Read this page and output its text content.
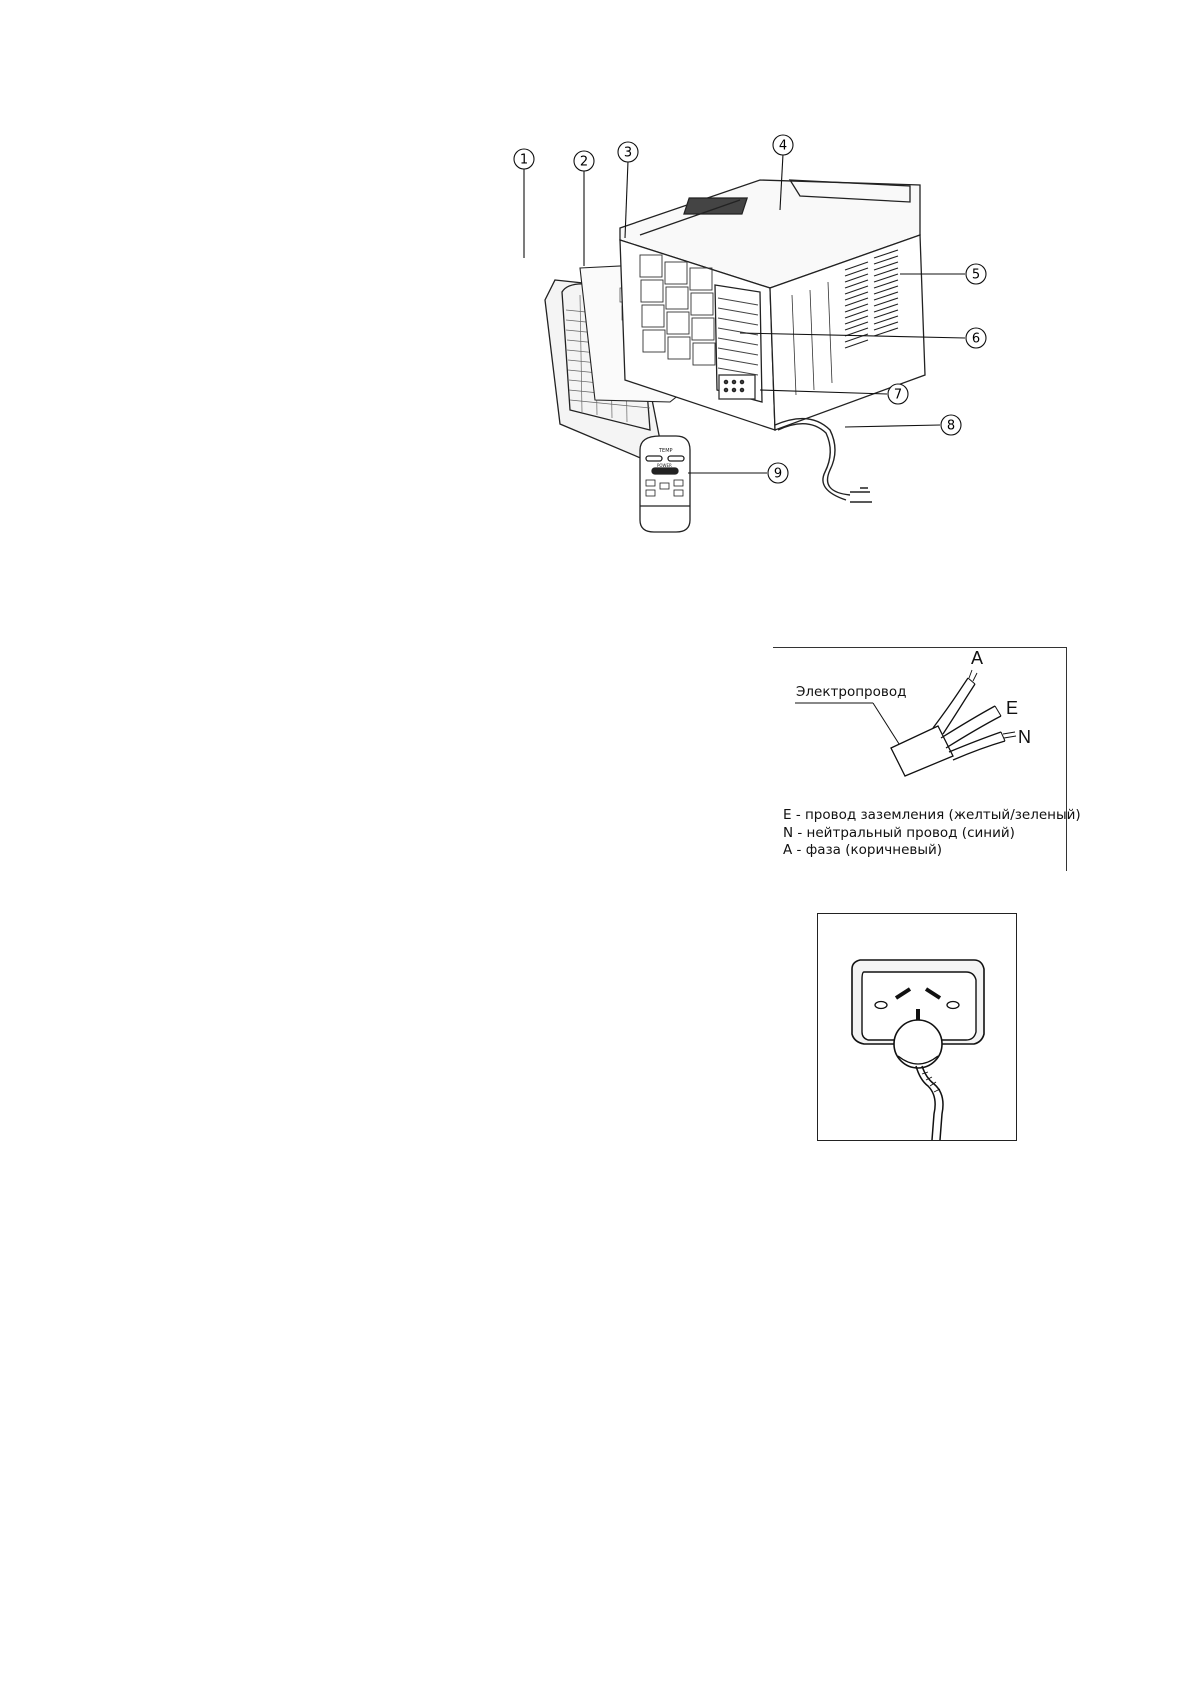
TEMP
POWER
1	2
3	4
5
6
7
8
9
Электропровод
A
E
N
E - провод заземления (желтый/зеленый)
N - нейтральный провод (синий)
A - фаза (коричневый)
